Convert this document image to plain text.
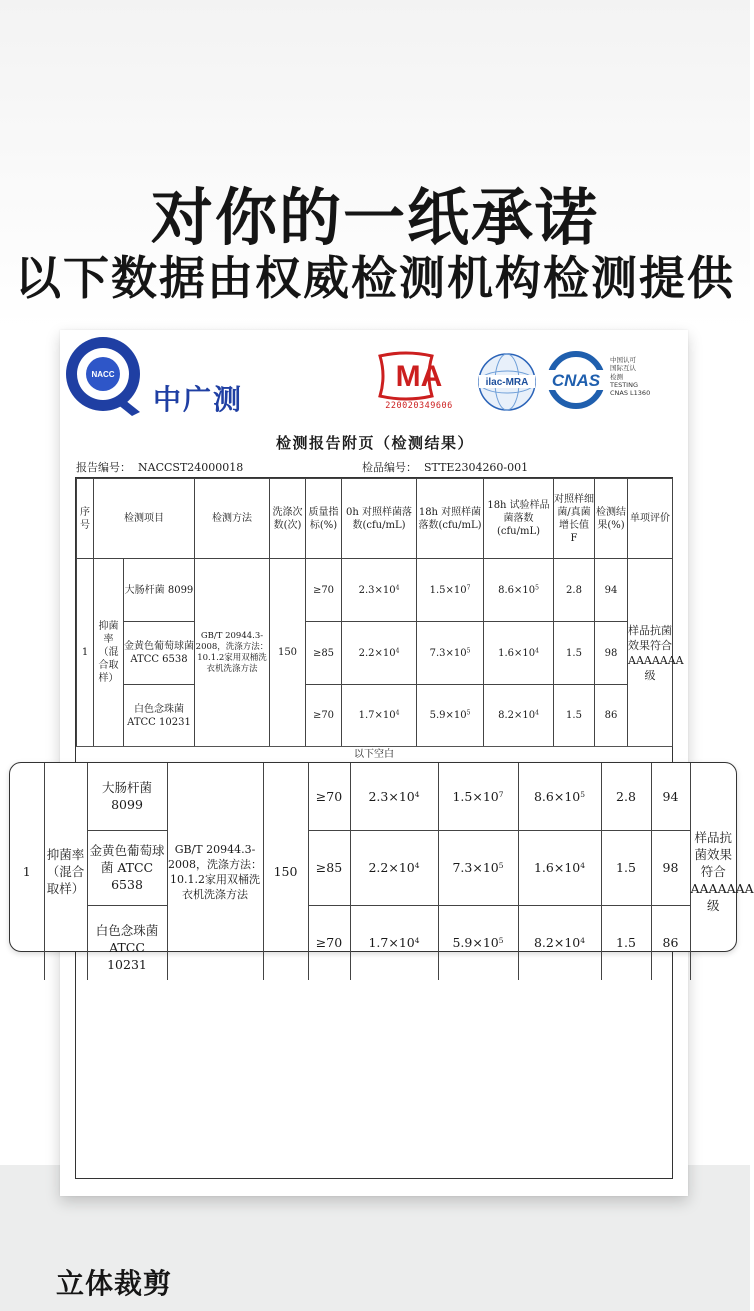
对你的一纸承诺
以下数据由权威检测机构检测提供
NACC
中广测
MA
220020349606
ilac-MRA CNAS
中国认可
国际互认
检测
TESTING
CNAS L1360
检测报告附页（检测结果）
报告编号： NACCST24000018	检品编号： STTE2304260-001
序号	检测项目		检测方法	洗涤次数(次)	质量指标(%)	0h 对照样菌落数(cfu/mL)	18h 对照样菌落数(cfu/mL)	18h 试验样品菌落数(cfu/mL)	对照样细菌/真菌增长值 F	检测结果(%)	单项评价
1	抑菌率（混合取样）	大肠杆菌 8099	GB/T 20944.3-2008，洗涤方法：10.1.2家用双桶洗衣机洗涤方法	150	≥70	$2.3\times 10^4$	$1.5\times 10^7$	$8.6\times 10^5$	2.8	94	样品抗菌效果符合AAAAAAA级
		金黄色葡萄球菌 ATCC 6538			≥85	$2.2\times 10^4$	$7.3\times 10^5$	$1.6\times 10^4$	1.5	98	
		白色念珠菌 ATCC 10231			≥70	$1.7\times 10^4$	$5.9\times 10^5$	$8.2\times 10^4$	1.5	86	
以下空白
1	抑菌率（混合取样）	大肠杆菌 8099	GB/T 20944.3-2008，洗涤方法：10.1.2家用双桶洗衣机洗涤方法	150	≥70	$2.3\times 10^4$	$1.5\times 10^7$	$8.6\times 10^5$	2.8	94	样品抗菌效果符合AAAAAAA级
		金黄色葡萄球菌 ATCC 6538			≥85	$2.2\times 10^4$	$7.3\times 10^5$	$1.6\times 10^4$	1.5	98	
		白色念珠菌 ATCC 10231			≥70	$1.7\times 10^4$	$5.9\times 10^5$	$8.2\times 10^4$	1.5	86	
立体裁剪
